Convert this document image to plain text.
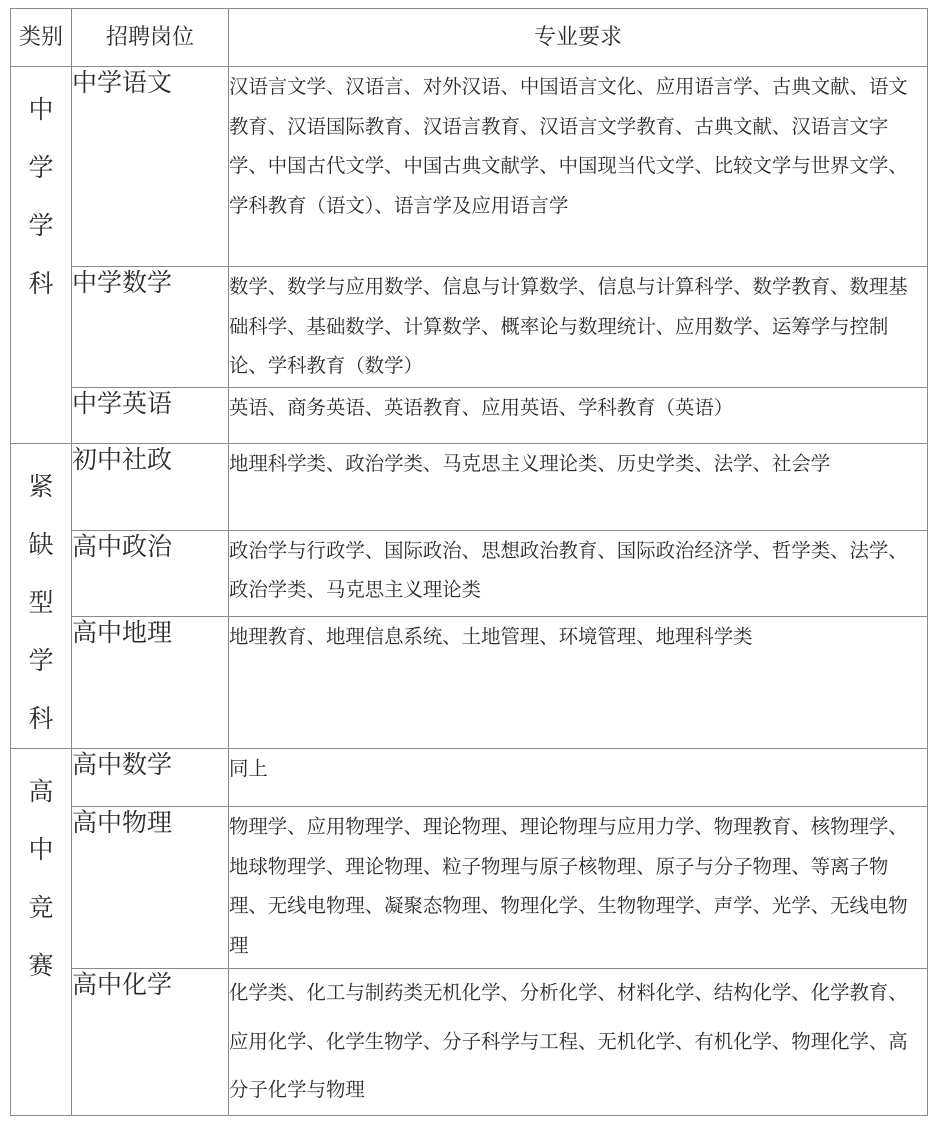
类别	招聘岗位	专业要求

中学学科	中学语文	汉语言文学、汉语言、对外汉语、中国语言文化、应用语言学、古典文献、语文教育、汉语国际教育、汉语言教育、汉语言文学教育、古典文献、汉语言文字学、中国古代文学、中国古典文献学、中国现当代文学、比较文学与世界文学、学科教育（语文）、语言学及应用语言学

	中学数学	数学、数学与应用数学、信息与计算数学、信息与计算科学、数学教育、数理基础科学、基础数学、计算数学、概率论与数理统计、应用数学、运筹学与控制论、学科教育（数学）

	中学英语	英语、商务英语、英语教育、应用英语、学科教育（英语）

紧缺型学科	初中社政	地理科学类、政治学类、马克思主义理论类、历史学类、法学、社会学

	高中政治	政治学与行政学、国际政治、思想政治教育、国际政治经济学、哲学类、法学、政治学类、马克思主义理论类

	高中地理	地理教育、地理信息系统、土地管理、环境管理、地理科学类

高中竞赛	高中数学	同上

	高中物理	物理学、应用物理学、理论物理、理论物理与应用力学、物理教育、核物理学、地球物理学、理论物理、粒子物理与原子核物理、原子与分子物理、等离子物理、无线电物理、凝聚态物理、物理化学、生物物理学、声学、光学、无线电物理

	高中化学	化学类、化工与制药类无机化学、分析化学、材料化学、结构化学、化学教育、应用化学、化学生物学、分子科学与工程、无机化学、有机化学、物理化学、高分子化学与物理
